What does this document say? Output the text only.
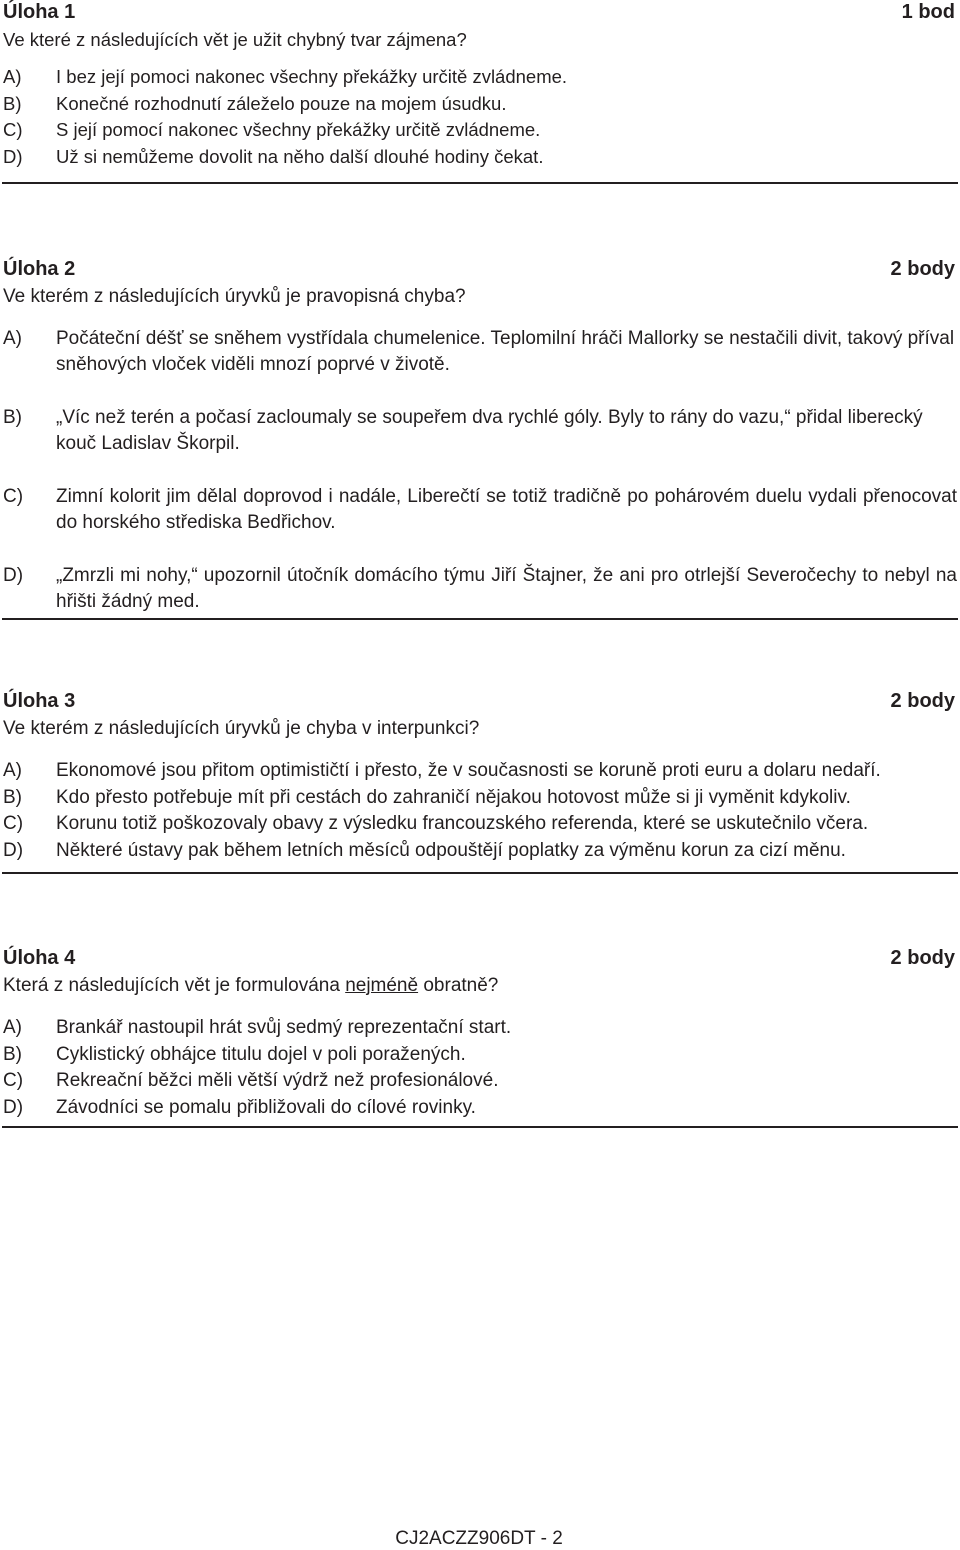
Úloha 1	1 bod
Ve které z následujících vět je užit chybný tvar zájmena?
A)	I bez její pomoci nakonec všechny překážky určitě zvládneme.
B)	Konečné rozhodnutí záleželo pouze na mojem úsudku.
C)	S její pomocí nakonec všechny překážky určitě zvládneme.
D)	Už si nemůžeme dovolit na něho další dlouhé hodiny čekat.
Úloha 2	2 body
Ve kterém z následujících úryvků je pravopisná chyba?
A)	Počáteční déšť se sněhem vystřídala chumelenice. Teplomilní hráči Mallorky se nestačili divit, takový příval sněhových vloček viděli mnozí poprvé v životě.
B)	„Víc než terén a počasí zacloumaly se soupeřem dva rychlé góly. Byly to rány do vazu,“ přidal liberecký kouč Ladislav Škorpil.
C)	Zimní kolorit jim dělal doprovod i nadále, Liberečtí se totiž tradičně po pohárovém duelu vydali přenocovat do horského střediska Bedřichov.
D)	„Zmrzli mi nohy,“ upozornil útočník domácího týmu Jiří Štajner, že ani pro otrlejší Severočechy to nebyl na hřišti žádný med.
Úloha 3	2 body
Ve kterém z následujících úryvků je chyba v interpunkci?
A)	Ekonomové jsou přitom optimističtí i přesto, že v současnosti se koruně proti euru a dolaru nedaří.
B)	Kdo přesto potřebuje mít při cestách do zahraničí nějakou hotovost může si ji vyměnit kdykoliv.
C)	Korunu totiž poškozovaly obavy z výsledku francouzského referenda, které se uskutečnilo včera.
D)	Některé ústavy pak během letních měsíců odpouštějí poplatky za výměnu korun za cizí měnu.
Úloha 4	2 body
Která z následujících vět je formulována nejméně obratně?
A)	Brankář nastoupil hrát svůj sedmý reprezentační start.
B)	Cyklistický obhájce titulu dojel v poli poražených.
C)	Rekreační běžci měli větší výdrž než profesionálové.
D)	Závodníci se pomalu přibližovali do cílové rovinky.
CJ2ACZZ906DT - 2
